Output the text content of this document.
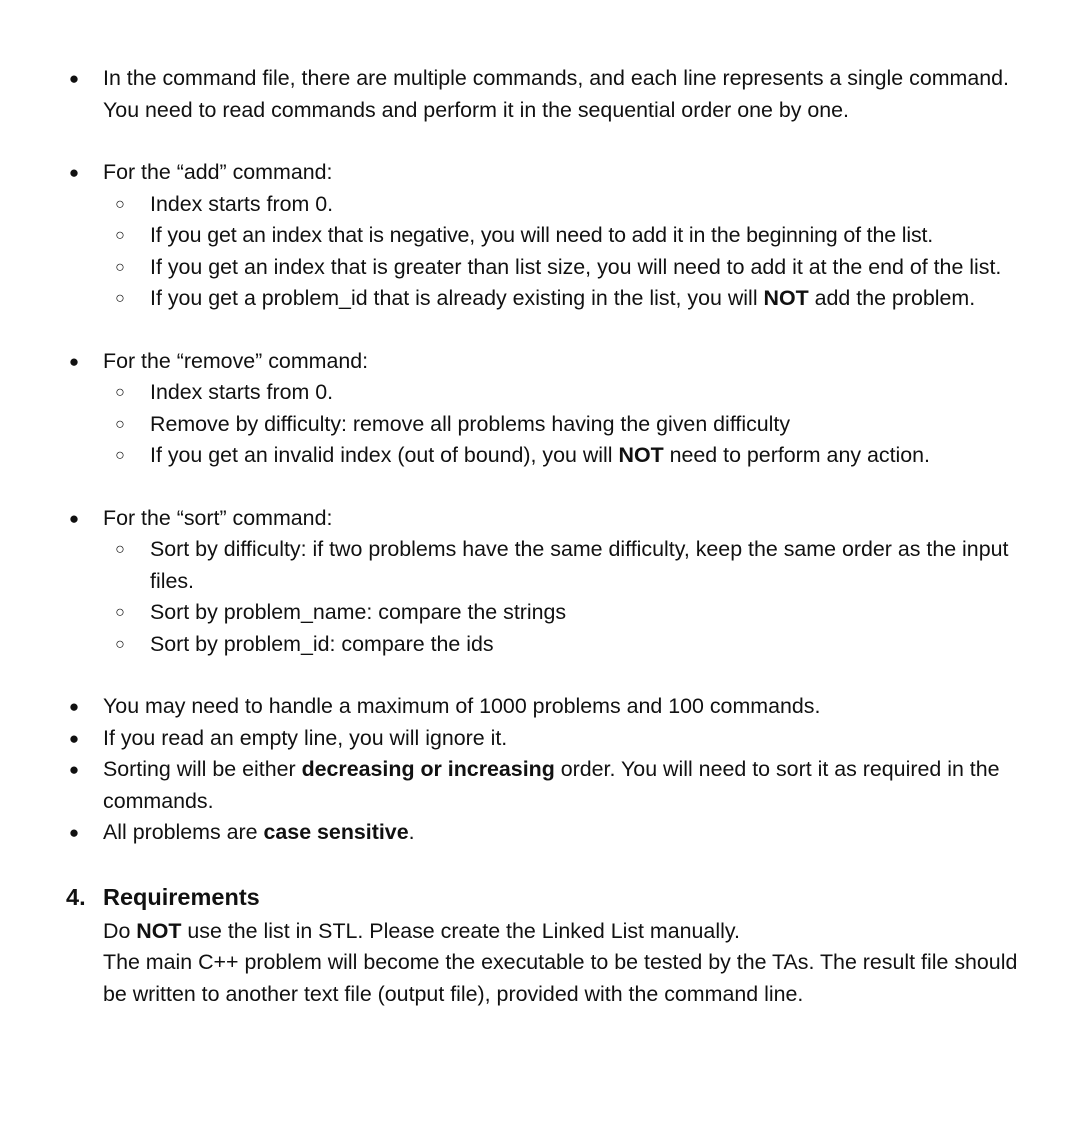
● In the command file, there are multiple commands, and each line represents a single command. You need to read commands and perform it in the sequential order one by one.
● For the “add” command:
○ Index starts from 0.
○ If you get an index that is negative, you will need to add it in the beginning of the list.
○ If you get an index that is greater than list size, you will need to add it at the end of the list.
○ If you get a problem_id that is already existing in the list, you will NOT add the problem.
● For the “remove” command:
○ Index starts from 0.
○ Remove by difficulty: remove all problems having the given difficulty
○ If you get an invalid index (out of bound), you will NOT need to perform any action.
● For the “sort” command:
○ Sort by difficulty: if two problems have the same difficulty, keep the same order as the input files.
○ Sort by problem_name: compare the strings
○ Sort by problem_id: compare the ids
● You may need to handle a maximum of 1000 problems and 100 commands.
● If you read an empty line, you will ignore it.
● Sorting will be either decreasing or increasing order. You will need to sort it as required in the commands.
● All problems are case sensitive.
4. Requirements
Do NOT use the list in STL. Please create the Linked List manually.
The main C++ problem will become the executable to be tested by the TAs. The result file should be written to another text file (output file), provided with the command line.
